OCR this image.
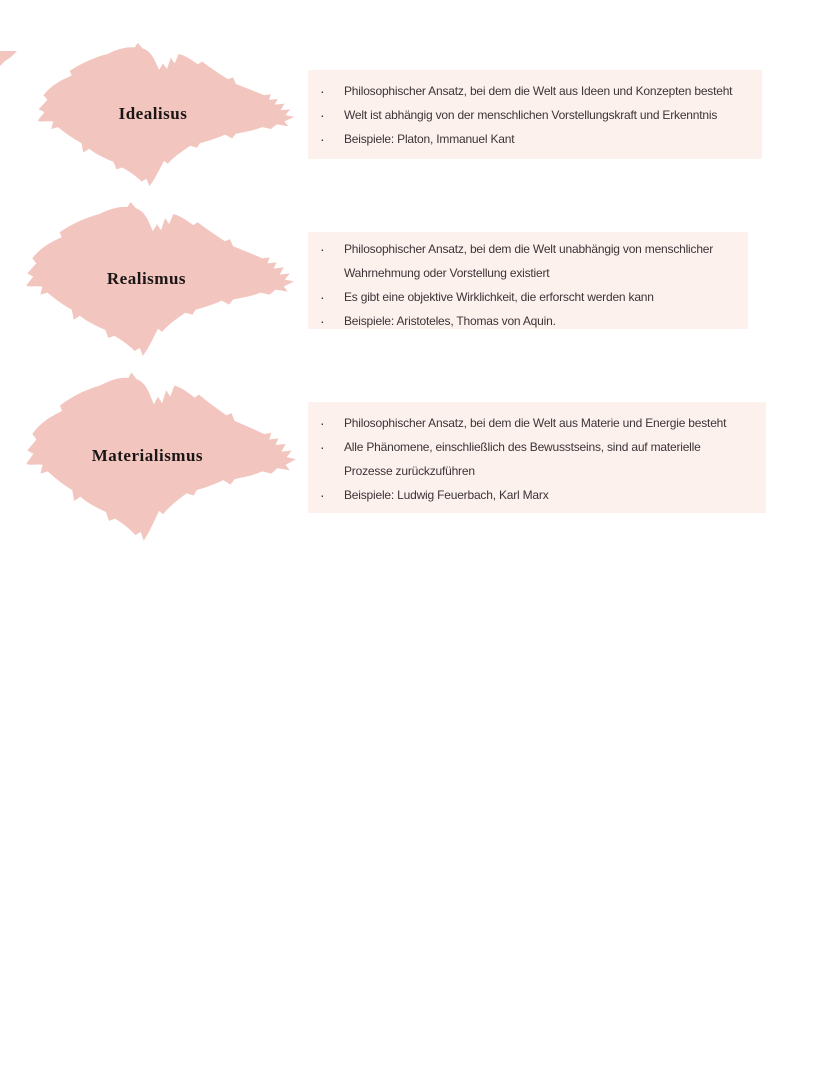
Idealisus
·	Philosophischer Ansatz, bei dem die Welt aus Ideen und Konzepten besteht
·	Welt ist abhängig von der menschlichen Vorstellungskraft und Erkenntnis
·	Beispiele: Platon, Immanuel Kant
Realismus
·	Philosophischer Ansatz, bei dem die Welt unabhängig von menschlicher
Wahrnehmung oder Vorstellung existiert
·	Es gibt eine objektive Wirklichkeit, die erforscht werden kann
·	Beispiele: Aristoteles, Thomas von Aquin.
Materialismus
·	Philosophischer Ansatz, bei dem die Welt aus Materie und Energie besteht
·	Alle Phänomene, einschließlich des Bewusstseins, sind auf materielle
Prozesse zurückzuführen
·	Beispiele: Ludwig Feuerbach, Karl Marx
